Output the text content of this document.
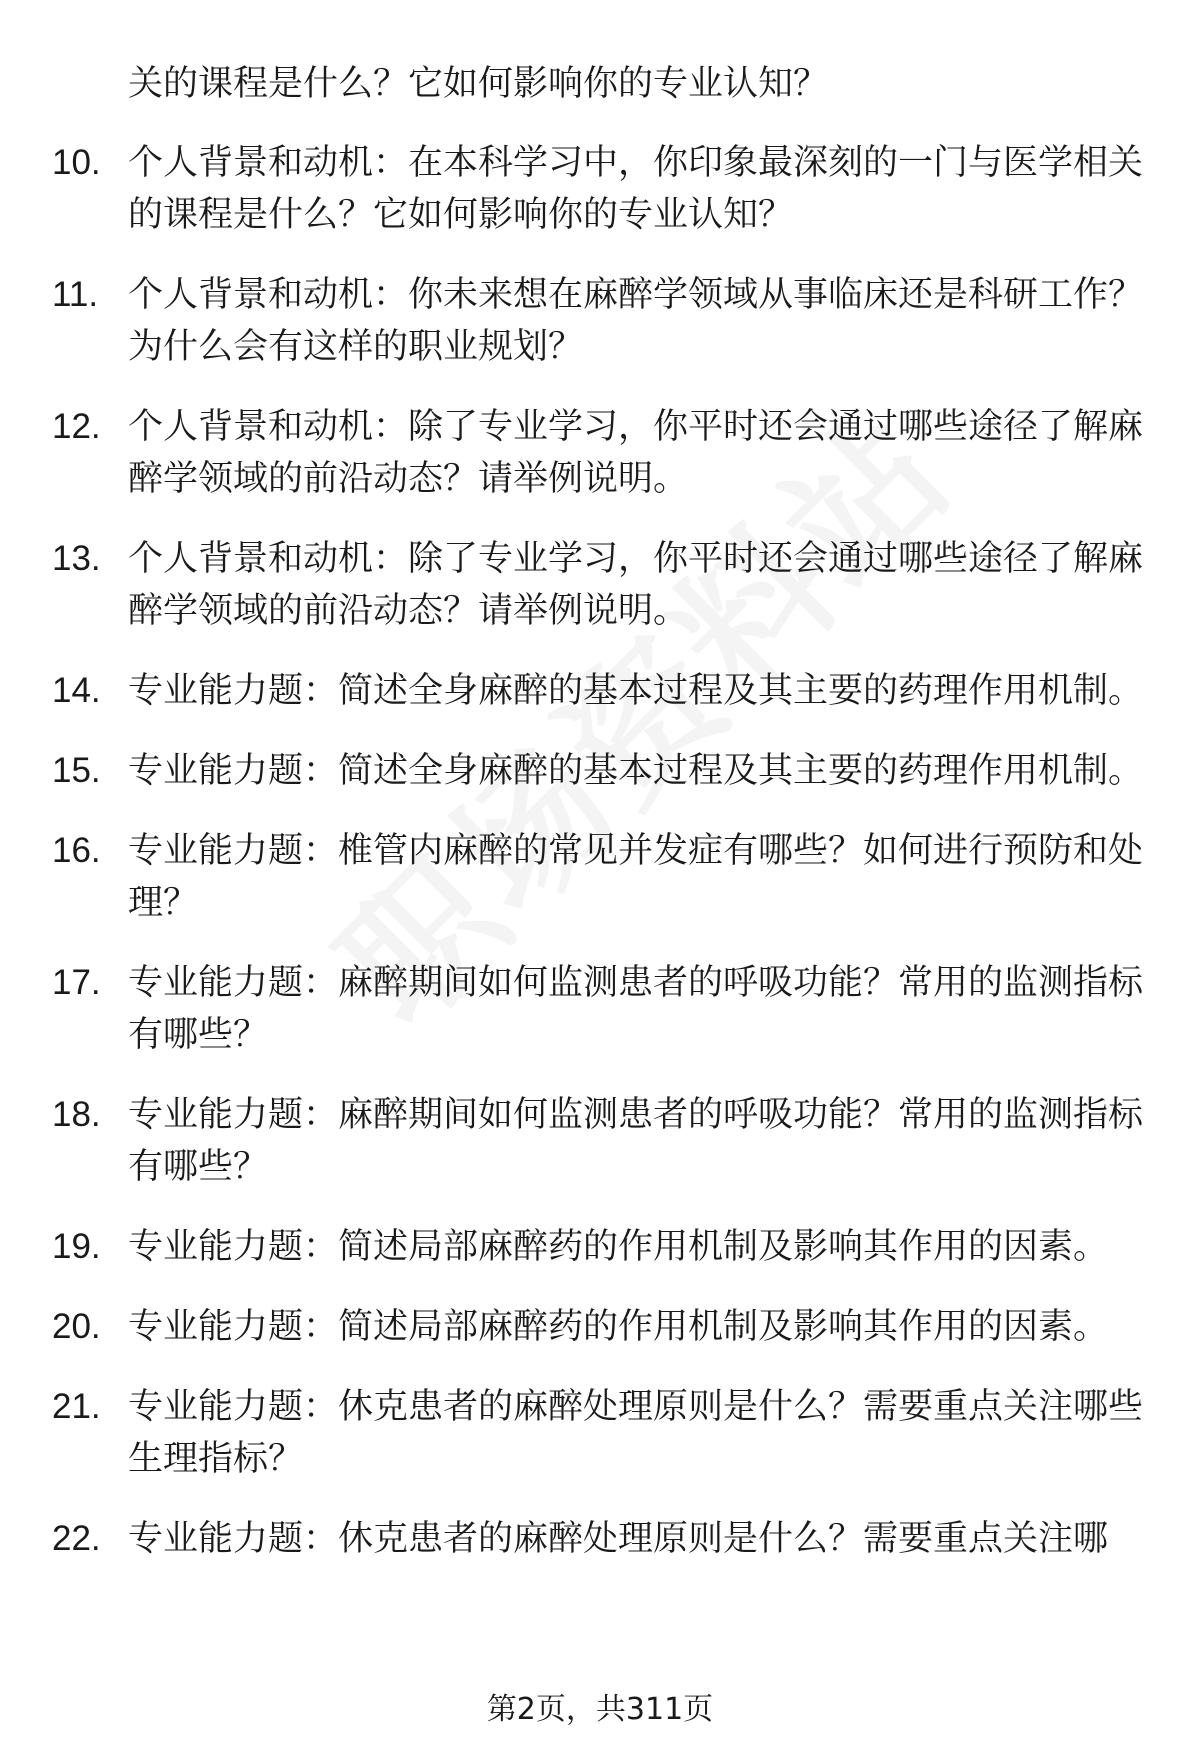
关的课程是什么？它如何影响你的专业认知？
10. 个人背景和动机：在本科学习中，你印象最深刻的一门与医学相关的课程是什么？它如何影响你的专业认知？
11. 个人背景和动机：你未来想在麻醉学领域从事临床还是科研工作？为什么会有这样的职业规划？
12. 个人背景和动机：除了专业学习，你平时还会通过哪些途径了解麻醉学领域的前沿动态？请举例说明。
13. 个人背景和动机：除了专业学习，你平时还会通过哪些途径了解麻醉学领域的前沿动态？请举例说明。
14. 专业能力题：简述全身麻醉的基本过程及其主要的药理作用机制。
15. 专业能力题：简述全身麻醉的基本过程及其主要的药理作用机制。
16. 专业能力题：椎管内麻醉的常见并发症有哪些？如何进行预防和处理？
17. 专业能力题：麻醉期间如何监测患者的呼吸功能？常用的监测指标有哪些？
18. 专业能力题：麻醉期间如何监测患者的呼吸功能？常用的监测指标有哪些？
19. 专业能力题：简述局部麻醉药的作用机制及影响其作用的因素。
20. 专业能力题：简述局部麻醉药的作用机制及影响其作用的因素。
21. 专业能力题：休克患者的麻醉处理原则是什么？需要重点关注哪些生理指标？
22. 专业能力题：休克患者的麻醉处理原则是什么？需要重点关注哪
第2页，共311页
